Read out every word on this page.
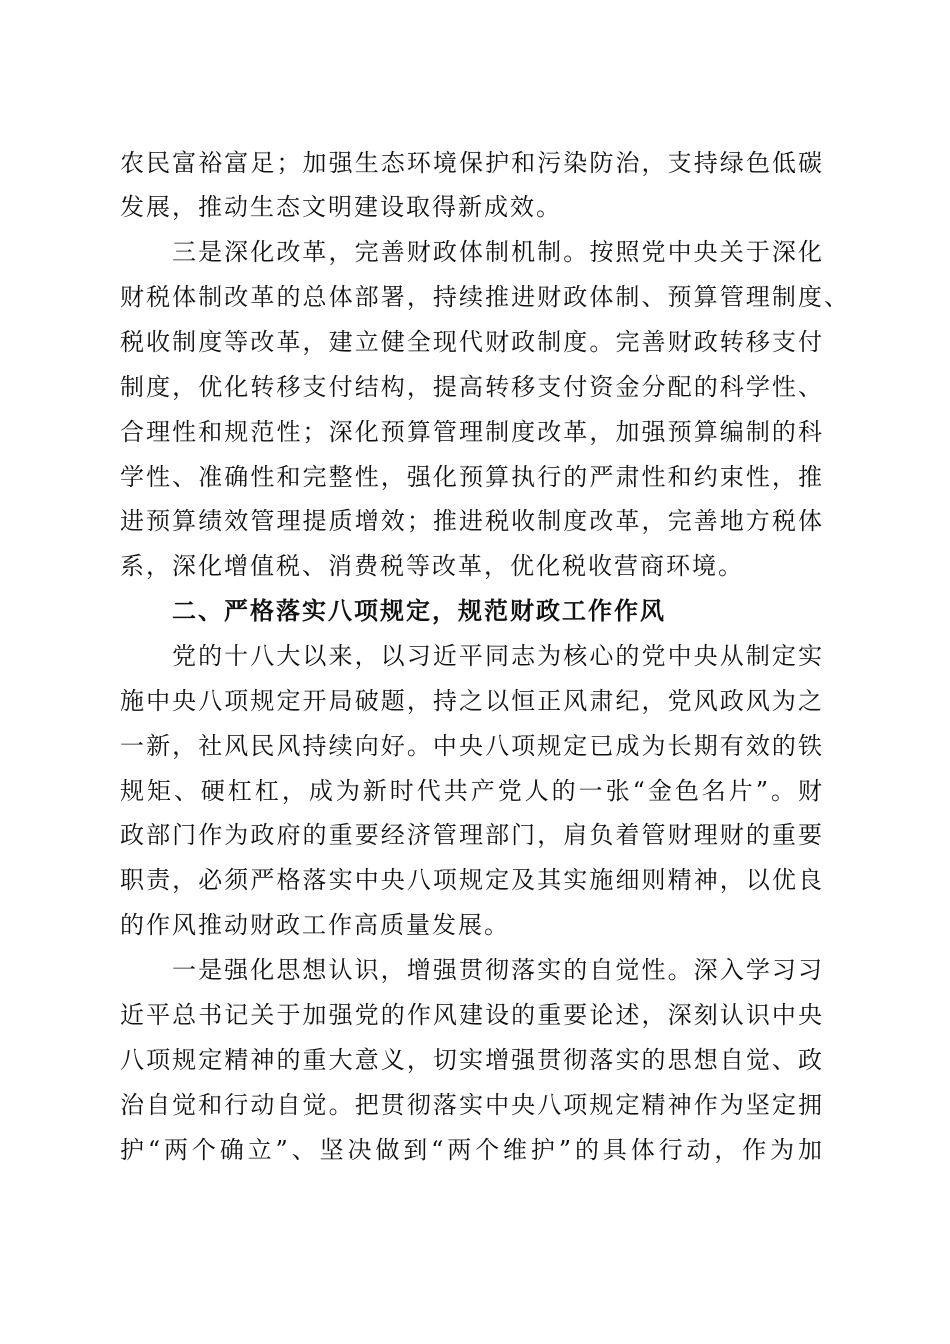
农民富裕富足；加强生态环境保护和污染防治，支持绿色低碳
发展，推动生态文明建设取得新成效。
三是深化改革，完善财政体制机制。按照党中央关于深化
财税体制改革的总体部署，持续推进财政体制、预算管理制度、
税收制度等改革，建立健全现代财政制度。完善财政转移支付
制度，优化转移支付结构，提高转移支付资金分配的科学性、
合理性和规范性；深化预算管理制度改革，加强预算编制的科
学性、准确性和完整性，强化预算执行的严肃性和约束性，推
进预算绩效管理提质增效；推进税收制度改革，完善地方税体
系，深化增值税、消费税等改革，优化税收营商环境。
二、严格落实八项规定，规范财政工作作风
党的十八大以来，以习近平同志为核心的党中央从制定实
施中央八项规定开局破题，持之以恒正风肃纪，党风政风为之
一新，社风民风持续向好。中央八项规定已成为长期有效的铁
规矩、硬杠杠，成为新时代共产党人的一张“金色名片”。财
政部门作为政府的重要经济管理部门，肩负着管财理财的重要
职责，必须严格落实中央八项规定及其实施细则精神，以优良
的作风推动财政工作高质量发展。
一是强化思想认识，增强贯彻落实的自觉性。深入学习习
近平总书记关于加强党的作风建设的重要论述，深刻认识中央
八项规定精神的重大意义，切实增强贯彻落实的思想自觉、政
治自觉和行动自觉。把贯彻落实中央八项规定精神作为坚定拥
护“两个确立”、坚决做到“两个维护”的具体行动，作为加
